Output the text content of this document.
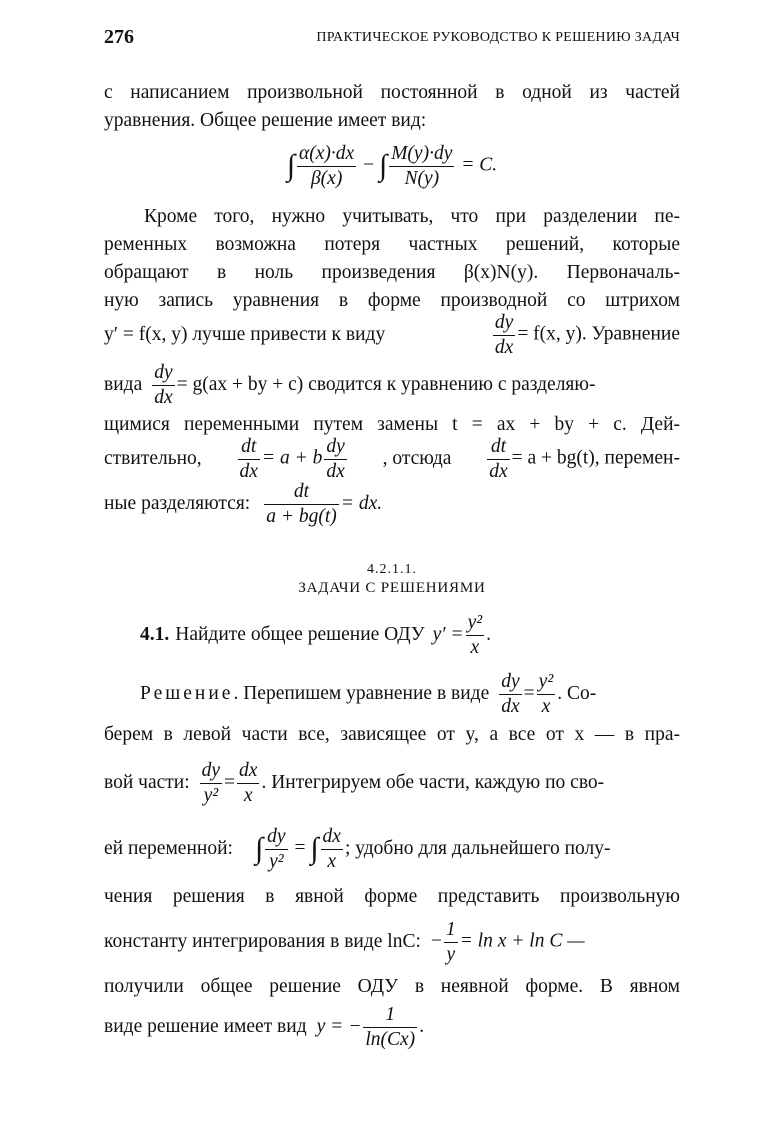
276	ПРАКТИЧЕСКОЕ РУКОВОДСТВО К РЕШЕНИЮ ЗАДАЧ
с написанием произвольной постоянной в одной из частей
уравнения. Общее решение имеет вид:
∫ $\frac{\alpha(x)\cdot dx}{\beta(x)}$ − ∫ $\frac{M(y)\cdot dy}{N(y)} = C$.
Кроме того, нужно учитывать, что при разделении пе-
ременных возможна потеря частных решений, которые
обращают в ноль произведения β(x)N(y). Первоначаль-
ную запись уравнения в форме производной со штрихом
y′ = f(x, y) лучше привести к виду	$\frac{dy}{dx} = f(x$, y). Уравнение
вида $\frac{dy}{dx} = g(ax$ + by + c) сводится к уравнению с разделяю-
щимися переменными путем замены t = ax + by + c. Дей-
ствительно, $\frac{dt}{dx} = a + b \frac{dy}{dx}$ , отсюда $\frac{dt}{dx} = a + bg(t)$, перемен-
ные разделяются: $\frac{dt}{a + bg(t)}$ = dx.
4.2.1.1.
ЗАДАЧИ С РЕШЕНИЯМИ
4.1. Найдите общее решение ОДУ $y' = \frac{\text{y²}}{x}$ .
Решение . Перепишем уравнение в виде $\frac{dy}{dx} = \frac{\text{y²}}{x}$ . Со-
берем в левой части все, зависящее от y, а все от x — в пра-
вой части: $\frac{dy}{\text{y²}} = \frac{dx}{x}$ . Интегрируем обе части, каждую по сво-
ей переменной: ∫ $\frac{dy}{\text{y²}}$ = ∫ $\frac{dx}{x}$ ; удобно для дальнейшего полу-
чения решения в явной форме представить произвольную
константу интегрирования в виде lnC: − $\frac{1}{y} = \ln x + \ln C$ —
получили общее решение ОДУ в неявной форме. В явном
виде решение имеет вид y = − $\frac{1}{\ln(Cx)}$ .
